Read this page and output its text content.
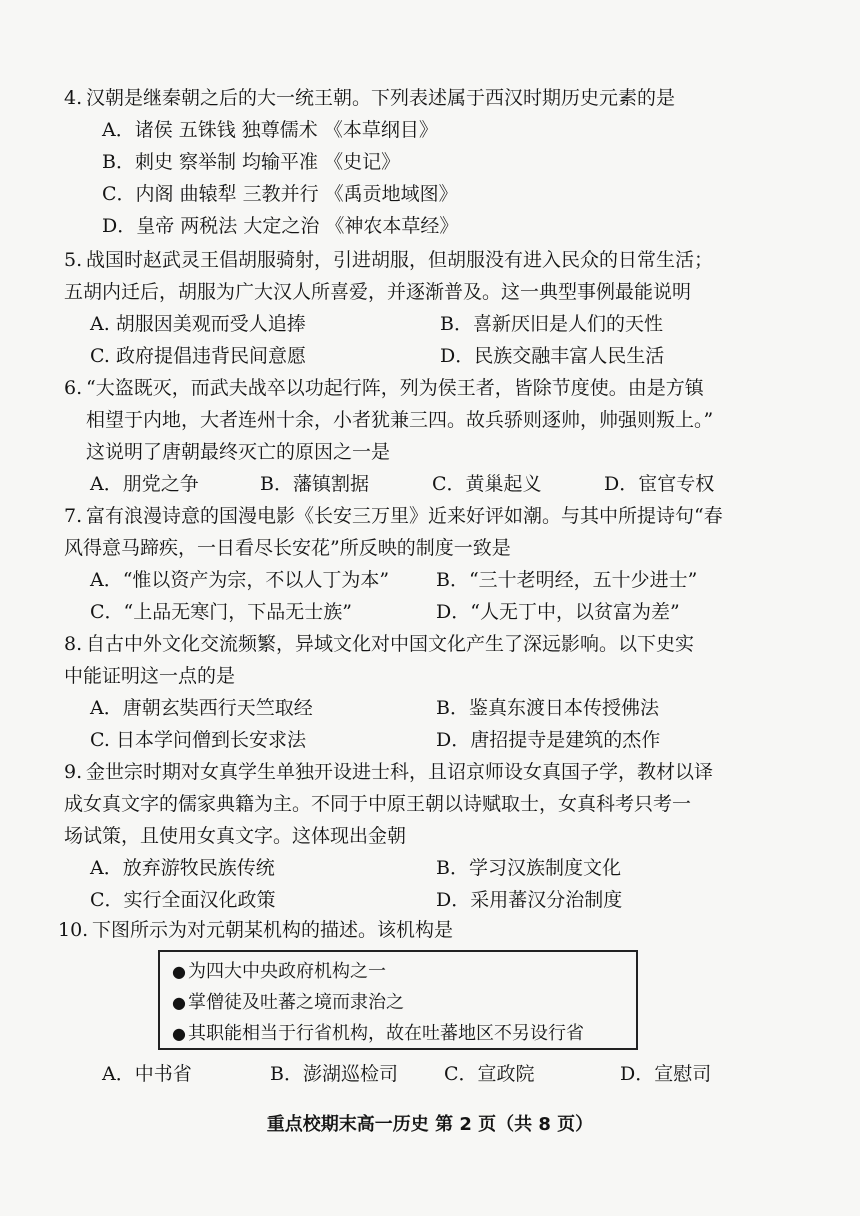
4. 汉朝是继秦朝之后的大一统王朝。下列表述属于西汉时期历史元素的是
A．诸侯 五铢钱 独尊儒术 《本草纲目》
B．刺史 察举制 均输平准 《史记》
C．内阁 曲辕犁 三教并行 《禹贡地域图》
D．皇帝 两税法 大定之治 《神农本草经》
5. 战国时赵武灵王倡胡服骑射，引进胡服，但胡服没有进入民众的日常生活；
五胡内迁后，胡服为广大汉人所喜爱，并逐渐普及。这一典型事例最能说明
A. 胡服因美观而受人追捧	B．喜新厌旧是人们的天性
C. 政府提倡违背民间意愿	D．民族交融丰富人民生活
6. “大盗既灭，而武夫战卒以功起行阵，列为侯王者，皆除节度使。由是方镇
相望于内地，大者连州十余，小者犹兼三四。故兵骄则逐帅，帅强则叛上。”
这说明了唐朝最终灭亡的原因之一是
A．朋党之争	B．藩镇割据	C．黄巢起义	D．宦官专权
7. 富有浪漫诗意的国漫电影《长安三万里》近来好评如潮。与其中所提诗句“春
风得意马蹄疾，一日看尽长安花”所反映的制度一致是
A．“惟以资产为宗，不以人丁为本” B．“三十老明经，五十少进士”
C．“上品无寒门，下品无士族”	D．“人无丁中，以贫富为差”
8. 自古中外文化交流频繁，异域文化对中国文化产生了深远影响。以下史实
中能证明这一点的是
A．唐朝玄奘西行天竺取经	B．鉴真东渡日本传授佛法
C. 日本学问僧到长安求法	D．唐招提寺是建筑的杰作
9. 金世宗时期对女真学生单独开设进士科，且诏京师设女真国子学，教材以译
成女真文字的儒家典籍为主。不同于中原王朝以诗赋取士，女真科考只考一
场试策，且使用女真文字。这体现出金朝
A．放弃游牧民族传统	B．学习汉族制度文化
C．实行全面汉化政策	D．采用蕃汉分治制度
10. 下图所示为对元朝某机构的描述。该机构是
● 为四大中央政府机构之一
● 掌僧徒及吐蕃之境而隶治之
● 其职能相当于行省机构，故在吐蕃地区不另设行省
A．中书省	B．澎湖巡检司 C．宣政院	D．宣慰司
重点校期末高一历史 第 2 页（共 8 页）
